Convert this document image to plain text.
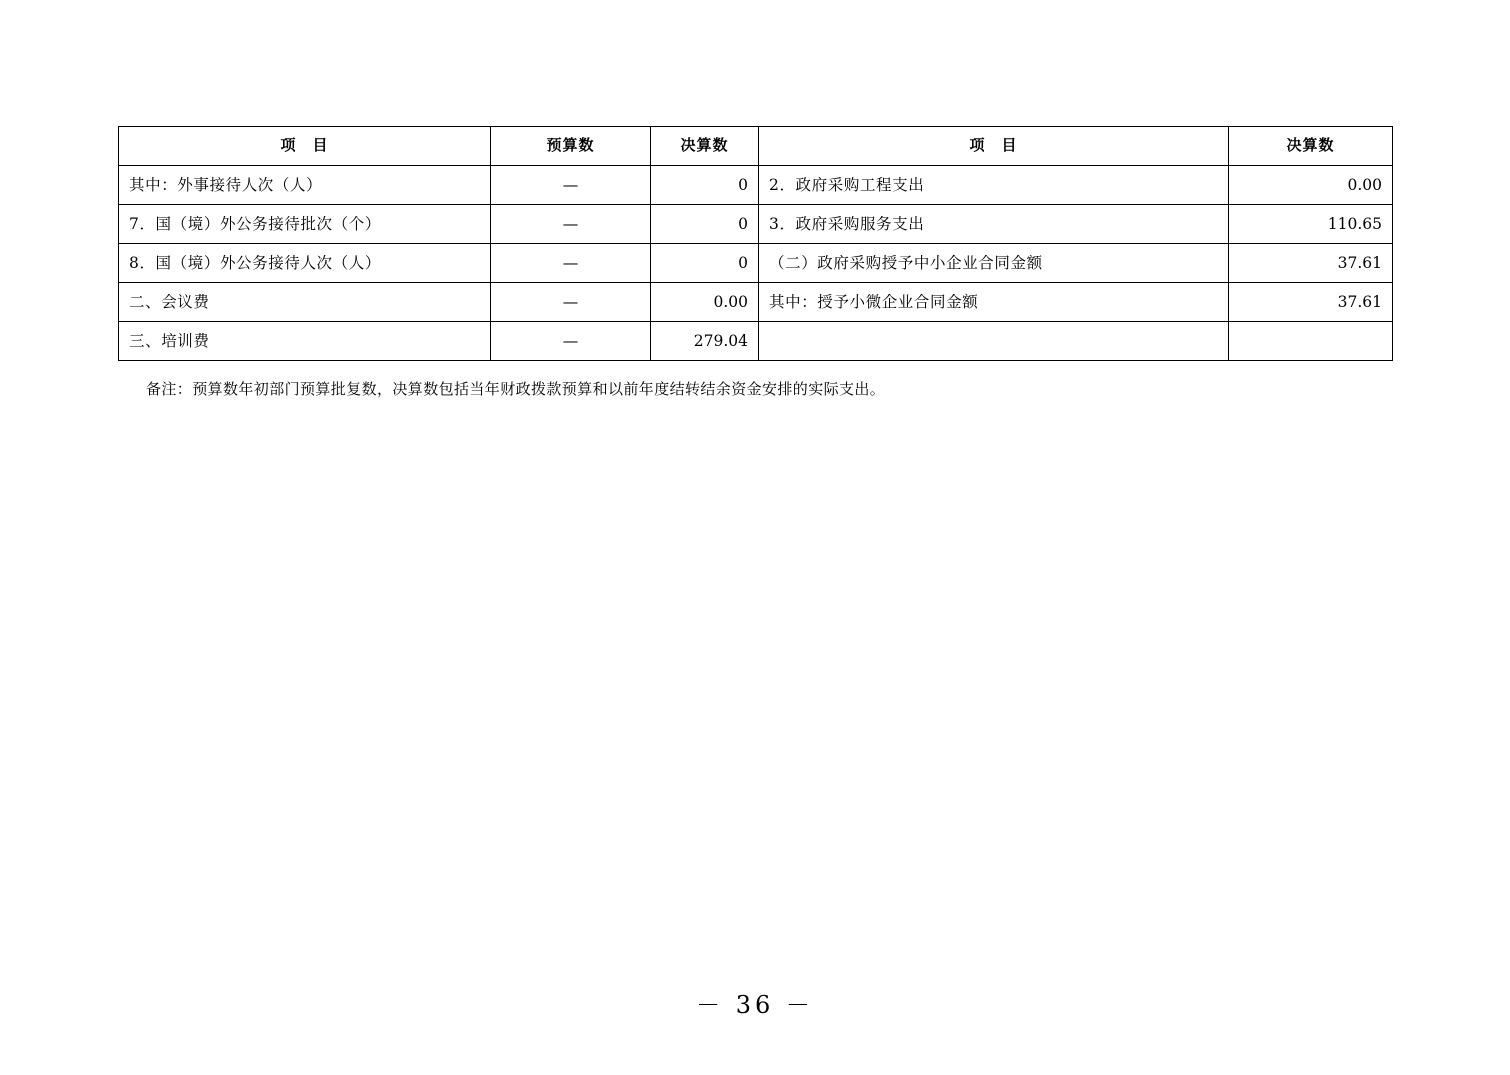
项　目	预算数	决算数	项　目	决算数
其中：外事接待人次（人）	—	0	2．政府采购工程支出	0.00
7．国（境）外公务接待批次（个）	—	0	3．政府采购服务支出	110.65
8．国（境）外公务接待人次（人）	—	0	（二）政府采购授予中小企业合同金额	37.61
二、会议费	—	0.00	其中：授予小微企业合同金额	37.61
三、培训费	—	279.04		
备注：预算数年初部门预算批复数，决算数包括当年财政拨款预算和以前年度结转结余资金安排的实际支出。
－ 36 －
